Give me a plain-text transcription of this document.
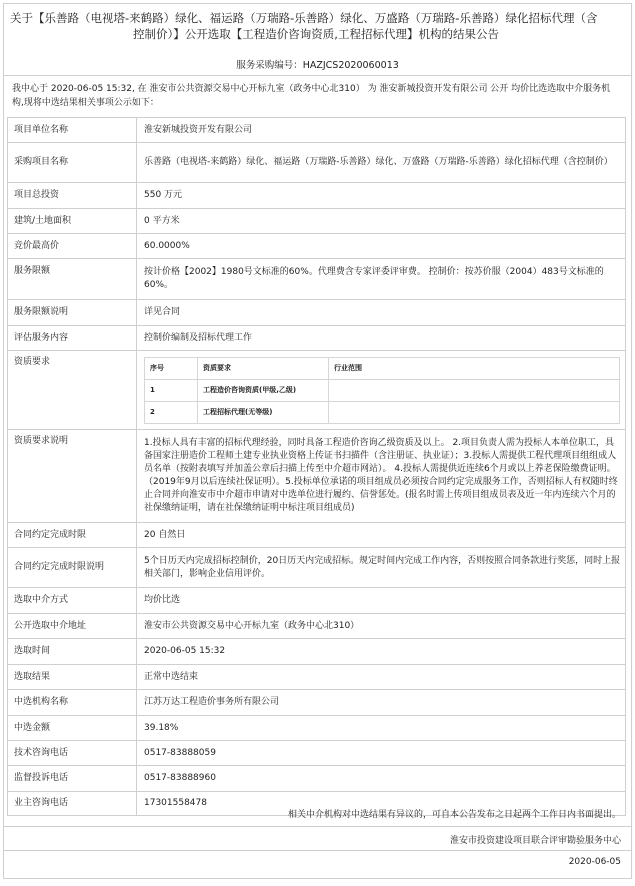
关于【乐善路（电视塔-来鹤路）绿化、福运路（万瑞路-乐善路）绿化、万盛路（万瑞路-乐善路）绿化招标代理（含
控制价）】公开选取【工程造价咨询资质,工程招标代理】机构的结果公告
服务采购编号：HAZJCS2020060013
我中心于 2020-06-05 15:32, 在 淮安市公共资源交易中心开标九室（政务中心北310） 为 淮安新城投资开发有限公司 公开 均价比选选取中介服务机构,现将中选结果相关事项公示如下：
项目单位名称	淮安新城投资开发有限公司
采购项目名称	乐善路（电视塔-来鹤路）绿化、福运路（万瑞路-乐善路）绿化、万盛路（万瑞路-乐善路）绿化招标代理（含控制价）
项目总投资	550 万元
建筑/土地面积	0 平方米
竞价最高价	60.0000%
服务限额	按计价格【2002】1980号文标准的60%。代理费含专家评委评审费。 控制价：按苏价服（2004）483号文标准的60%。
服务限额说明	详见合同
评估服务内容	控制价编制及招标代理工作
资质要求	
序号	资质要求	行业范围
1	工程造价咨询资质(甲级,乙级)	
2	工程招标代理(无等级)	

资质要求说明	1.投标人具有丰富的招标代理经验，同时具备工程造价咨询乙级资质及以上。 2.项目负责人需为投标人本单位职工，具备国家注册造价工程师土建专业执业资格上传证书扫描件（含注册证、执业证）；3.投标人需提供工程代理项目组组成人员名单（按附表填写并加盖公章后扫描上传至中介超市网站）。 4.投标人需提供近连续6个月或以上养老保险缴费证明。（2019年9月以后连续社保证明）。5.投标单位承诺的项目组成员必须按合同约定完成服务工作，否则招标人有权随时终止合同并向淮安市中介超市申请对中选单位进行履约、信誉惩处。(报名时需上传项目组成员表及近一年内连续六个月的社保缴纳证明，请在社保缴纳证明中标注项目组成员)
合同约定完成时限	20 自然日
合同约定完成时限说明	5个日历天内完成招标控制价，20日历天内完成招标。规定时间内完成工作内容，否则按照合同条款进行奖惩，同时上报相关部门，影响企业信用评价。
选取中介方式	均价比选
公开选取中介地址	淮安市公共资源交易中心开标九室（政务中心北310）
选取时间	2020-06-05 15:32
选取结果	正常中选结束
中选机构名称	江苏万达工程造价事务所有限公司
中选金额	39.18%
技术咨询电话	0517-83888059
监督投诉电话	0517-83888960
业主咨询电话	17301558478
相关中介机构对中选结果有异议的，可自本公告发布之日起两个工作日内书面提出。
淮安市投资建设项目联合评审勘验服务中心
2020-06-05
